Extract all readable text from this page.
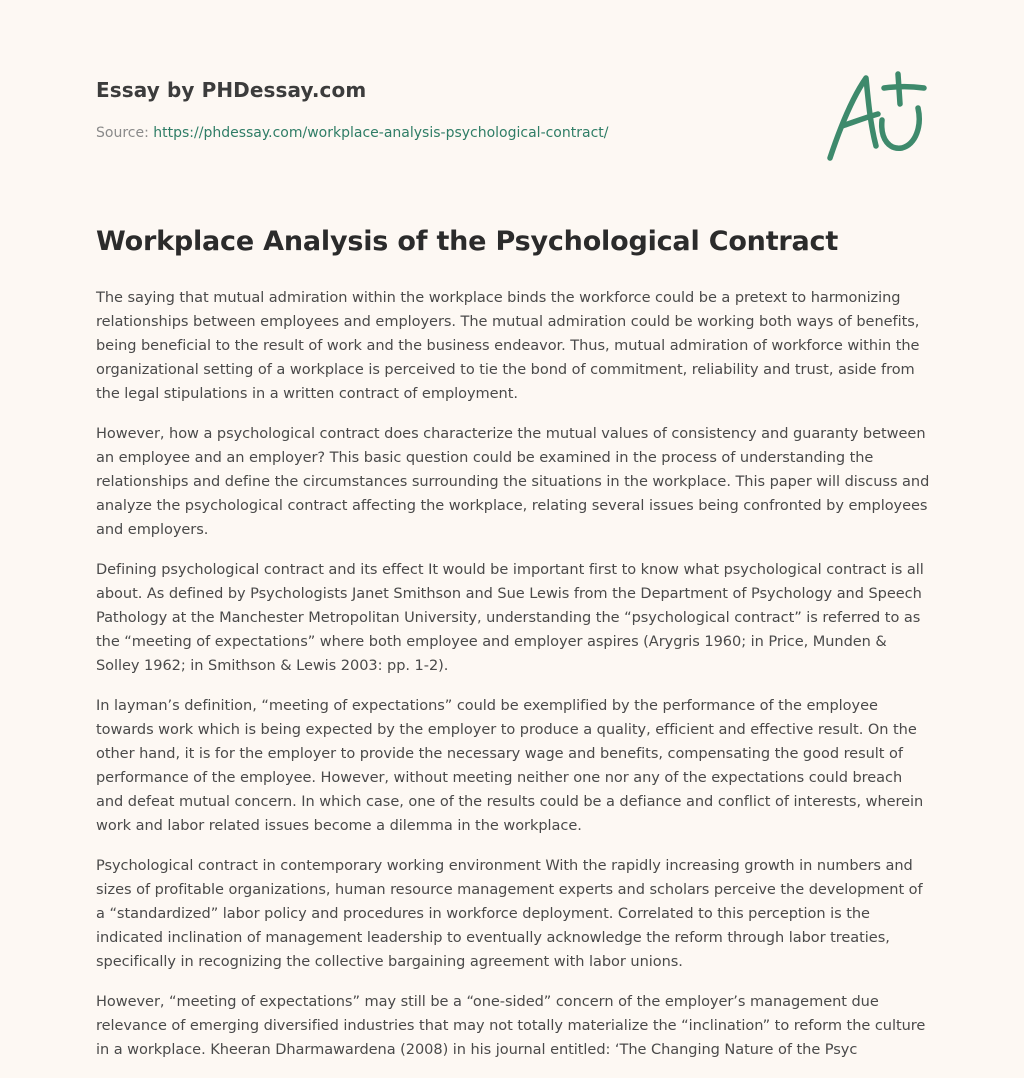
Essay by PHDessay.com
Source: https://phdessay.com/workplace-analysis-psychological-contract/
Workplace Analysis of the Psychological Contract

The saying that mutual admiration within the workplace binds the workforce could be a pretext to harmonizing relationships between employees and employers. The mutual admiration could be working both ways of benefits, being beneficial to the result of work and the business endeavor. Thus, mutual admiration of workforce within the organizational setting of a workplace is perceived to tie the bond of commitment, reliability and trust, aside from the legal stipulations in a written contract of employment.

However, how a psychological contract does characterize the mutual values of consistency and guaranty between an employee and an employer? This basic question could be examined in the process of understanding the relationships and define the circumstances surrounding the situations in the workplace. This paper will discuss and analyze the psychological contract affecting the workplace, relating several issues being confronted by employees and employers.

Defining psychological contract and its effect It would be important first to know what psychological contract is all about. As defined by Psychologists Janet Smithson and Sue Lewis from the Department of Psychology and Speech Pathology at the Manchester Metropolitan University, understanding the “psychological contract” is referred to as the “meeting of expectations” where both employee and employer aspires (Arygris 1960; in Price, Munden & Solley 1962; in Smithson & Lewis 2003: pp. 1-2).

In layman’s definition, “meeting of expectations” could be exemplified by the performance of the employee towards work which is being expected by the employer to produce a quality, efficient and effective result. On the other hand, it is for the employer to provide the necessary wage and benefits, compensating the good result of performance of the employee. However, without meeting neither one nor any of the expectations could breach and defeat mutual concern. In which case, one of the results could be a defiance and conflict of interests, wherein work and labor related issues become a dilemma in the workplace.

Psychological contract in contemporary working environment With the rapidly increasing growth in numbers and sizes of profitable organizations, human resource management experts and scholars perceive the development of a “standardized” labor policy and procedures in workforce deployment. Correlated to this perception is the indicated inclination of management leadership to eventually acknowledge the reform through labor treaties, specifically in recognizing the collective bargaining agreement with labor unions.

However, “meeting of expectations” may still be a “one-sided” concern of the employer’s management due relevance of emerging diversified industries that may not totally materialize the “inclination” to reform the culture in a workplace. Kheeran Dharmawardena (2008) in his journal entitled: ‘The Changing Nature of the Psyc
